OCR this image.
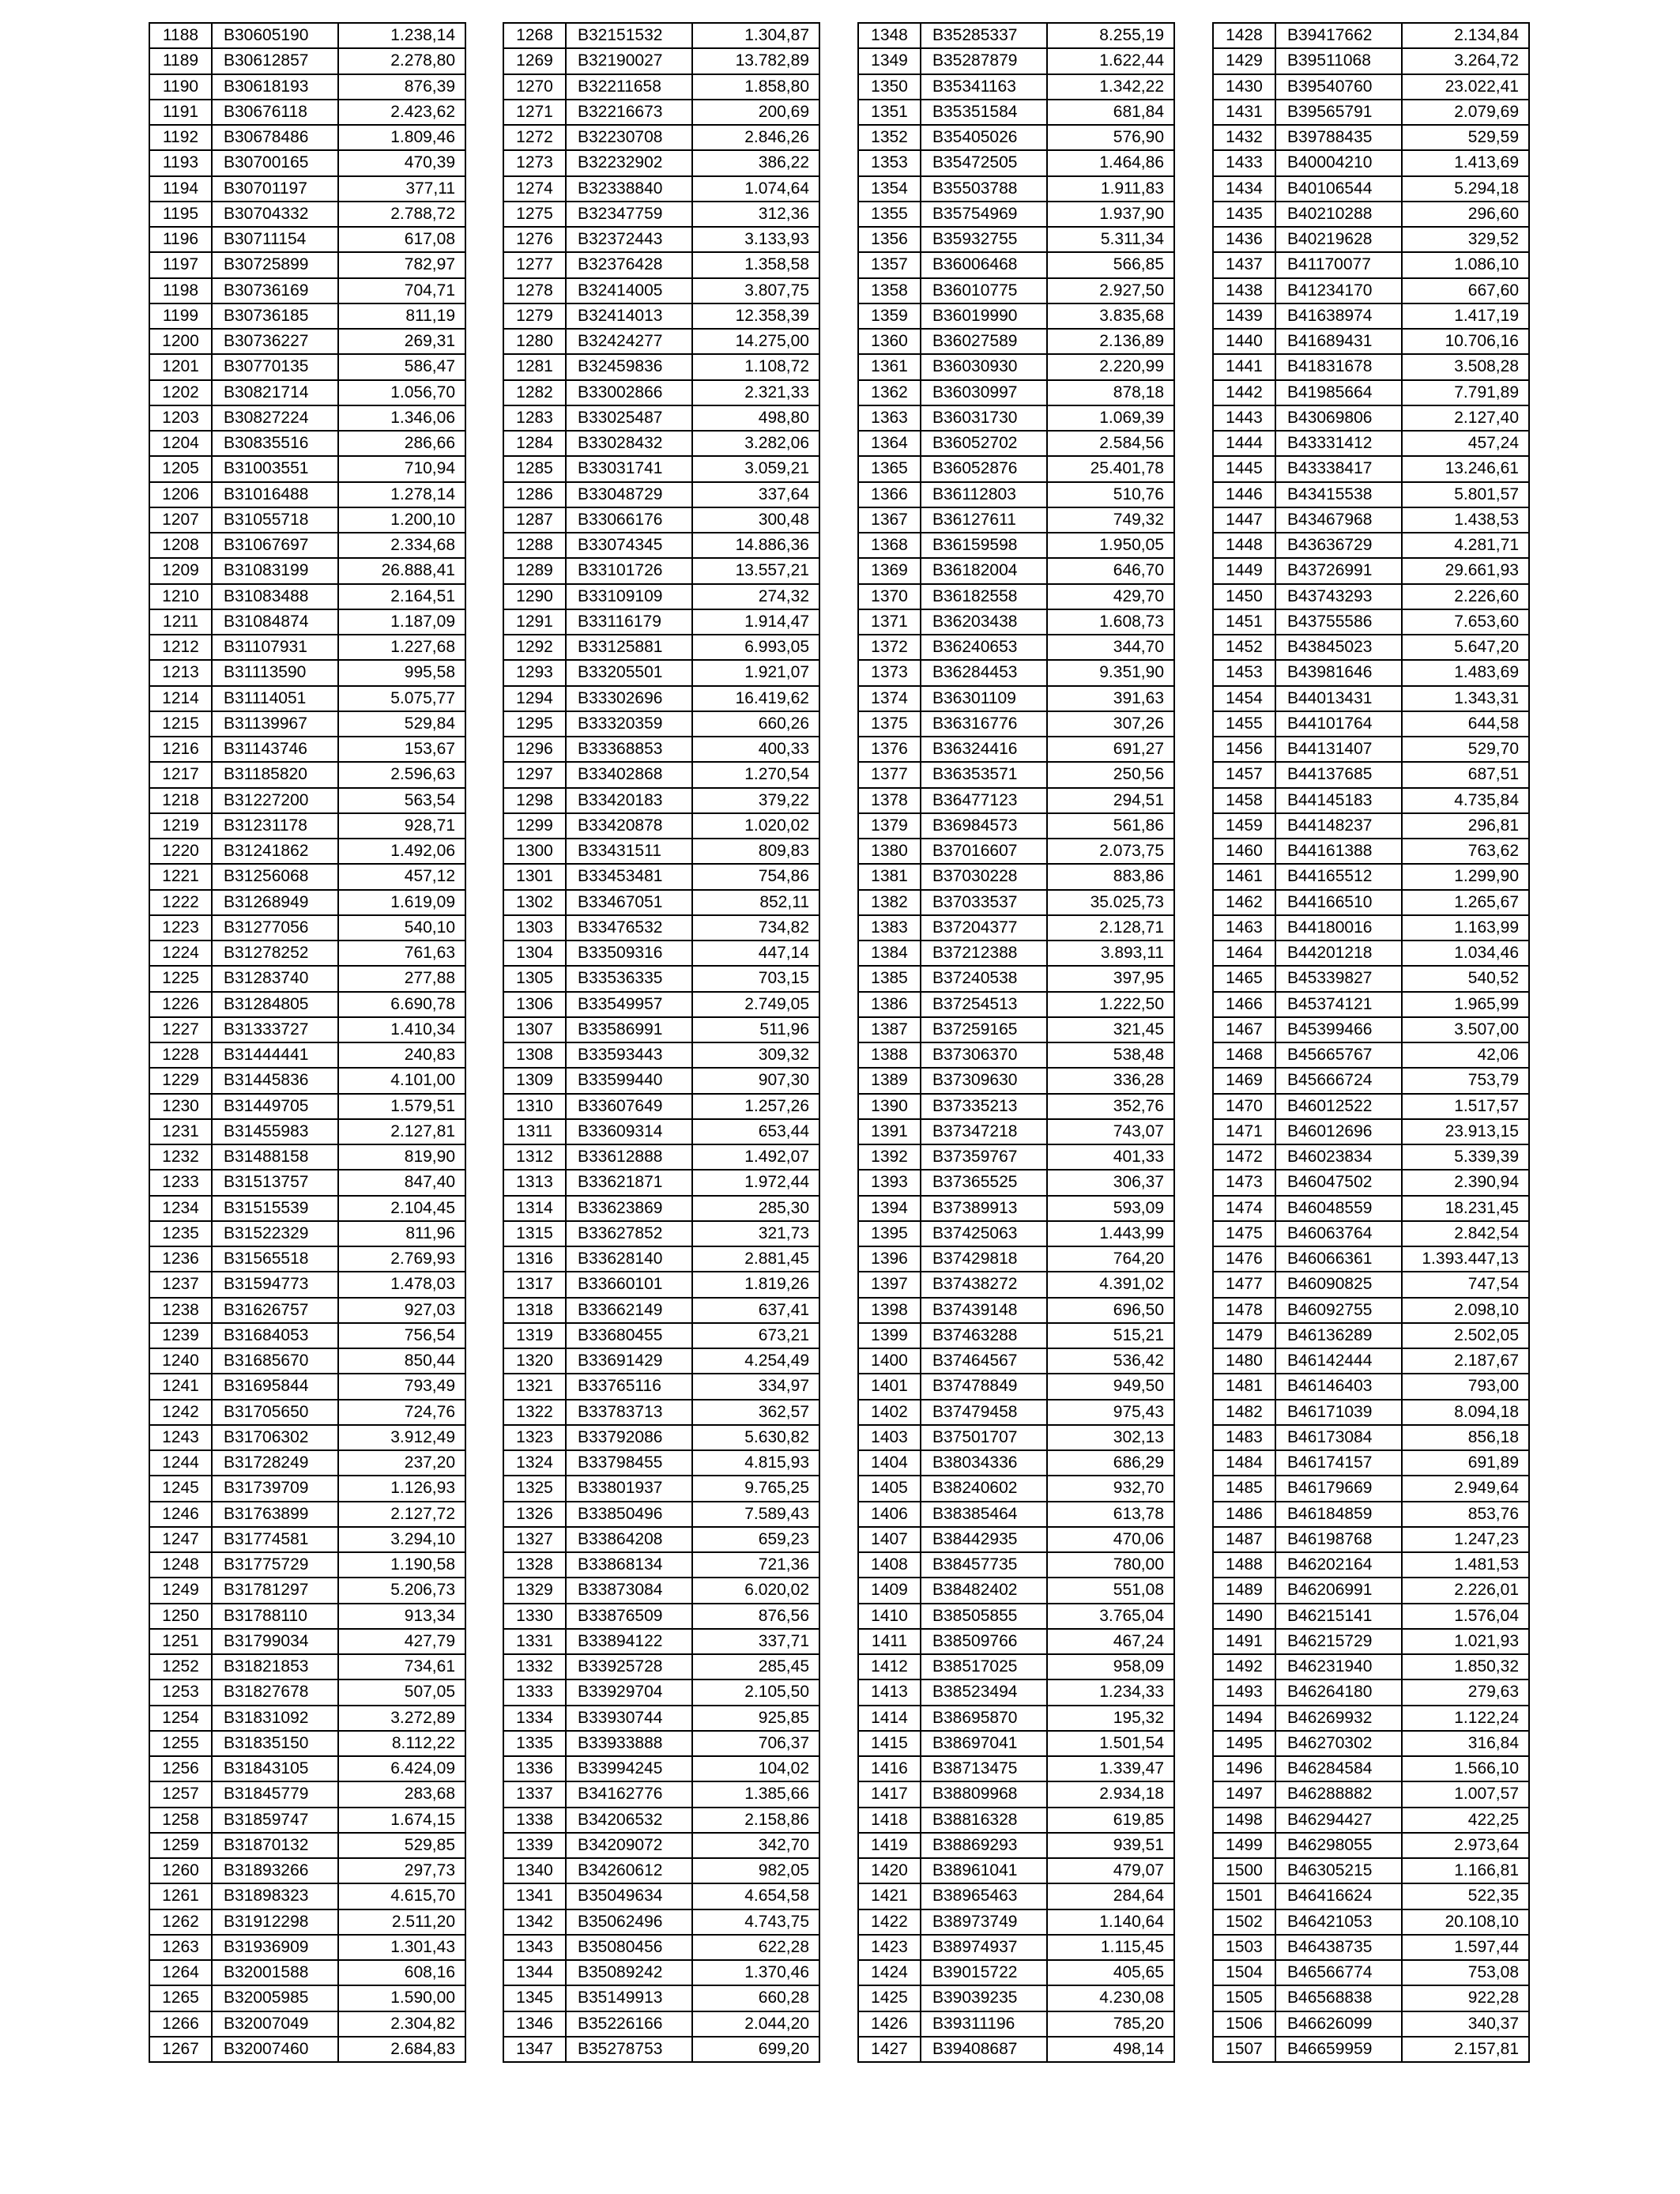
1188	B30605190	1.238,14
1189	B30612857	2.278,80
1190	B30618193	876,39
1191	B30676118	2.423,62
1192	B30678486	1.809,46
1193	B30700165	470,39
1194	B30701197	377,11
1195	B30704332	2.788,72
1196	B30711154	617,08
1197	B30725899	782,97
1198	B30736169	704,71
1199	B30736185	811,19
1200	B30736227	269,31
1201	B30770135	586,47
1202	B30821714	1.056,70
1203	B30827224	1.346,06
1204	B30835516	286,66
1205	B31003551	710,94
1206	B31016488	1.278,14
1207	B31055718	1.200,10
1208	B31067697	2.334,68
1209	B31083199	26.888,41
1210	B31083488	2.164,51
1211	B31084874	1.187,09
1212	B31107931	1.227,68
1213	B31113590	995,58
1214	B31114051	5.075,77
1215	B31139967	529,84
1216	B31143746	153,67
1217	B31185820	2.596,63
1218	B31227200	563,54
1219	B31231178	928,71
1220	B31241862	1.492,06
1221	B31256068	457,12
1222	B31268949	1.619,09
1223	B31277056	540,10
1224	B31278252	761,63
1225	B31283740	277,88
1226	B31284805	6.690,78
1227	B31333727	1.410,34
1228	B31444441	240,83
1229	B31445836	4.101,00
1230	B31449705	1.579,51
1231	B31455983	2.127,81
1232	B31488158	819,90
1233	B31513757	847,40
1234	B31515539	2.104,45
1235	B31522329	811,96
1236	B31565518	2.769,93
1237	B31594773	1.478,03
1238	B31626757	927,03
1239	B31684053	756,54
1240	B31685670	850,44
1241	B31695844	793,49
1242	B31705650	724,76
1243	B31706302	3.912,49
1244	B31728249	237,20
1245	B31739709	1.126,93
1246	B31763899	2.127,72
1247	B31774581	3.294,10
1248	B31775729	1.190,58
1249	B31781297	5.206,73
1250	B31788110	913,34
1251	B31799034	427,79
1252	B31821853	734,61
1253	B31827678	507,05
1254	B31831092	3.272,89
1255	B31835150	8.112,22
1256	B31843105	6.424,09
1257	B31845779	283,68
1258	B31859747	1.674,15
1259	B31870132	529,85
1260	B31893266	297,73
1261	B31898323	4.615,70
1262	B31912298	2.511,20
1263	B31936909	1.301,43
1264	B32001588	608,16
1265	B32005985	1.590,00
1266	B32007049	2.304,82
1267	B32007460	2.684,83
1268	B32151532	1.304,87
1269	B32190027	13.782,89
1270	B32211658	1.858,80
1271	B32216673	200,69
1272	B32230708	2.846,26
1273	B32232902	386,22
1274	B32338840	1.074,64
1275	B32347759	312,36
1276	B32372443	3.133,93
1277	B32376428	1.358,58
1278	B32414005	3.807,75
1279	B32414013	12.358,39
1280	B32424277	14.275,00
1281	B32459836	1.108,72
1282	B33002866	2.321,33
1283	B33025487	498,80
1284	B33028432	3.282,06
1285	B33031741	3.059,21
1286	B33048729	337,64
1287	B33066176	300,48
1288	B33074345	14.886,36
1289	B33101726	13.557,21
1290	B33109109	274,32
1291	B33116179	1.914,47
1292	B33125881	6.993,05
1293	B33205501	1.921,07
1294	B33302696	16.419,62
1295	B33320359	660,26
1296	B33368853	400,33
1297	B33402868	1.270,54
1298	B33420183	379,22
1299	B33420878	1.020,02
1300	B33431511	809,83
1301	B33453481	754,86
1302	B33467051	852,11
1303	B33476532	734,82
1304	B33509316	447,14
1305	B33536335	703,15
1306	B33549957	2.749,05
1307	B33586991	511,96
1308	B33593443	309,32
1309	B33599440	907,30
1310	B33607649	1.257,26
1311	B33609314	653,44
1312	B33612888	1.492,07
1313	B33621871	1.972,44
1314	B33623869	285,30
1315	B33627852	321,73
1316	B33628140	2.881,45
1317	B33660101	1.819,26
1318	B33662149	637,41
1319	B33680455	673,21
1320	B33691429	4.254,49
1321	B33765116	334,97
1322	B33783713	362,57
1323	B33792086	5.630,82
1324	B33798455	4.815,93
1325	B33801937	9.765,25
1326	B33850496	7.589,43
1327	B33864208	659,23
1328	B33868134	721,36
1329	B33873084	6.020,02
1330	B33876509	876,56
1331	B33894122	337,71
1332	B33925728	285,45
1333	B33929704	2.105,50
1334	B33930744	925,85
1335	B33933888	706,37
1336	B33994245	104,02
1337	B34162776	1.385,66
1338	B34206532	2.158,86
1339	B34209072	342,70
1340	B34260612	982,05
1341	B35049634	4.654,58
1342	B35062496	4.743,75
1343	B35080456	622,28
1344	B35089242	1.370,46
1345	B35149913	660,28
1346	B35226166	2.044,20
1347	B35278753	699,20
1348	B35285337	8.255,19
1349	B35287879	1.622,44
1350	B35341163	1.342,22
1351	B35351584	681,84
1352	B35405026	576,90
1353	B35472505	1.464,86
1354	B35503788	1.911,83
1355	B35754969	1.937,90
1356	B35932755	5.311,34
1357	B36006468	566,85
1358	B36010775	2.927,50
1359	B36019990	3.835,68
1360	B36027589	2.136,89
1361	B36030930	2.220,99
1362	B36030997	878,18
1363	B36031730	1.069,39
1364	B36052702	2.584,56
1365	B36052876	25.401,78
1366	B36112803	510,76
1367	B36127611	749,32
1368	B36159598	1.950,05
1369	B36182004	646,70
1370	B36182558	429,70
1371	B36203438	1.608,73
1372	B36240653	344,70
1373	B36284453	9.351,90
1374	B36301109	391,63
1375	B36316776	307,26
1376	B36324416	691,27
1377	B36353571	250,56
1378	B36477123	294,51
1379	B36984573	561,86
1380	B37016607	2.073,75
1381	B37030228	883,86
1382	B37033537	35.025,73
1383	B37204377	2.128,71
1384	B37212388	3.893,11
1385	B37240538	397,95
1386	B37254513	1.222,50
1387	B37259165	321,45
1388	B37306370	538,48
1389	B37309630	336,28
1390	B37335213	352,76
1391	B37347218	743,07
1392	B37359767	401,33
1393	B37365525	306,37
1394	B37389913	593,09
1395	B37425063	1.443,99
1396	B37429818	764,20
1397	B37438272	4.391,02
1398	B37439148	696,50
1399	B37463288	515,21
1400	B37464567	536,42
1401	B37478849	949,50
1402	B37479458	975,43
1403	B37501707	302,13
1404	B38034336	686,29
1405	B38240602	932,70
1406	B38385464	613,78
1407	B38442935	470,06
1408	B38457735	780,00
1409	B38482402	551,08
1410	B38505855	3.765,04
1411	B38509766	467,24
1412	B38517025	958,09
1413	B38523494	1.234,33
1414	B38695870	195,32
1415	B38697041	1.501,54
1416	B38713475	1.339,47
1417	B38809968	2.934,18
1418	B38816328	619,85
1419	B38869293	939,51
1420	B38961041	479,07
1421	B38965463	284,64
1422	B38973749	1.140,64
1423	B38974937	1.115,45
1424	B39015722	405,65
1425	B39039235	4.230,08
1426	B39311196	785,20
1427	B39408687	498,14
1428	B39417662	2.134,84
1429	B39511068	3.264,72
1430	B39540760	23.022,41
1431	B39565791	2.079,69
1432	B39788435	529,59
1433	B40004210	1.413,69
1434	B40106544	5.294,18
1435	B40210288	296,60
1436	B40219628	329,52
1437	B41170077	1.086,10
1438	B41234170	667,60
1439	B41638974	1.417,19
1440	B41689431	10.706,16
1441	B41831678	3.508,28
1442	B41985664	7.791,89
1443	B43069806	2.127,40
1444	B43331412	457,24
1445	B43338417	13.246,61
1446	B43415538	5.801,57
1447	B43467968	1.438,53
1448	B43636729	4.281,71
1449	B43726991	29.661,93
1450	B43743293	2.226,60
1451	B43755586	7.653,60
1452	B43845023	5.647,20
1453	B43981646	1.483,69
1454	B44013431	1.343,31
1455	B44101764	644,58
1456	B44131407	529,70
1457	B44137685	687,51
1458	B44145183	4.735,84
1459	B44148237	296,81
1460	B44161388	763,62
1461	B44165512	1.299,90
1462	B44166510	1.265,67
1463	B44180016	1.163,99
1464	B44201218	1.034,46
1465	B45339827	540,52
1466	B45374121	1.965,99
1467	B45399466	3.507,00
1468	B45665767	42,06
1469	B45666724	753,79
1470	B46012522	1.517,57
1471	B46012696	23.913,15
1472	B46023834	5.339,39
1473	B46047502	2.390,94
1474	B46048559	18.231,45
1475	B46063764	2.842,54
1476	B46066361	1.393.447,13
1477	B46090825	747,54
1478	B46092755	2.098,10
1479	B46136289	2.502,05
1480	B46142444	2.187,67
1481	B46146403	793,00
1482	B46171039	8.094,18
1483	B46173084	856,18
1484	B46174157	691,89
1485	B46179669	2.949,64
1486	B46184859	853,76
1487	B46198768	1.247,23
1488	B46202164	1.481,53
1489	B46206991	2.226,01
1490	B46215141	1.576,04
1491	B46215729	1.021,93
1492	B46231940	1.850,32
1493	B46264180	279,63
1494	B46269932	1.122,24
1495	B46270302	316,84
1496	B46284584	1.566,10
1497	B46288882	1.007,57
1498	B46294427	422,25
1499	B46298055	2.973,64
1500	B46305215	1.166,81
1501	B46416624	522,35
1502	B46421053	20.108,10
1503	B46438735	1.597,44
1504	B46566774	753,08
1505	B46568838	922,28
1506	B46626099	340,37
1507	B46659959	2.157,81
